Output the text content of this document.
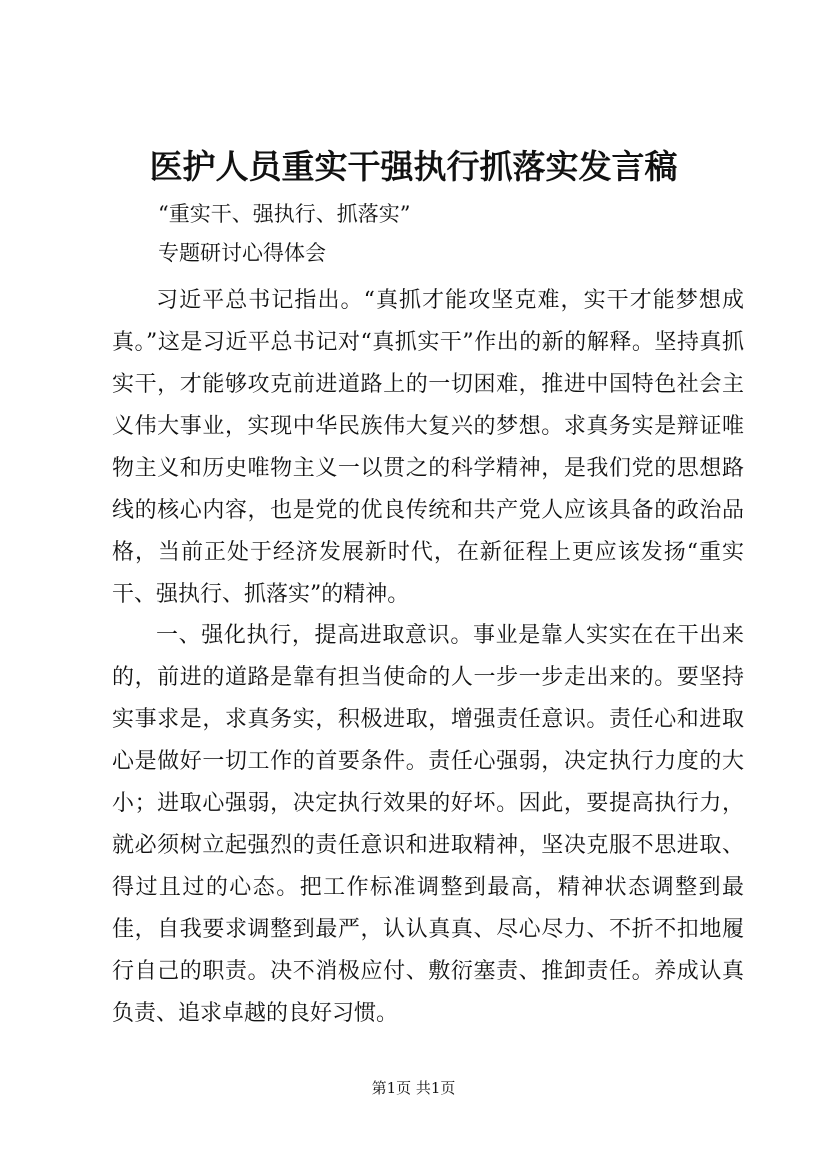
医护人员重实干强执行抓落实发言稿
“重实干、强执行、抓落实”
专题研讨心得体会

习近平总书记指出。“真抓才能攻坚克难，实干才能梦想成真。”这是习近平总书记对“真抓实干”作出的新的解释。坚持真抓实干，才能够攻克前进道路上的一切困难，推进中国特色社会主义伟大事业，实现中华民族伟大复兴的梦想。求真务实是辩证唯物主义和历史唯物主义一以贯之的科学精神，是我们党的思想路线的核心内容，也是党的优良传统和共产党人应该具备的政治品格，当前正处于经济发展新时代，在新征程上更应该发扬“重实干、强执行、抓落实”的精神。

一、强化执行，提高进取意识。事业是靠人实实在在干出来的，前进的道路是靠有担当使命的人一步一步走出来的。要坚持实事求是，求真务实，积极进取，增强责任意识。责任心和进取心是做好一切工作的首要条件。责任心强弱，决定执行力度的大小；进取心强弱，决定执行效果的好坏。因此，要提高执行力，就必须树立起强烈的责任意识和进取精神，坚决克服不思进取、得过且过的心态。把工作标准调整到最高，精神状态调整到最佳，自我要求调整到最严，认认真真、尽心尽力、不折不扣地履行自己的职责。决不消极应付、敷衍塞责、推卸责任。养成认真负责、追求卓越的良好习惯。

第1页 共1页
